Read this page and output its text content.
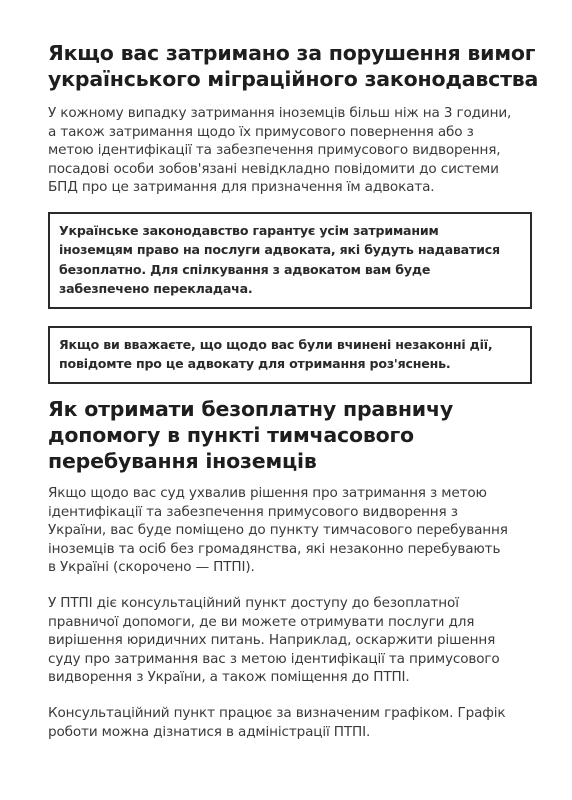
Якщо вас затримано за порушення вимог
українського міграційного законодавства

У кожному випадку затримання іноземців більш ніж на 3 години,
а також затримання щодо їх примусового повернення або з
метою ідентифікації та забезпечення примусового видворення,
посадові особи зобов'язані невідкладно повідомити до системи
БПД про це затримання для призначення їм адвоката.

Українське законодавство гарантує усім затриманим
іноземцям право на послуги адвоката, які будуть надаватися
безоплатно. Для спілкування з адвокатом вам буде
забезпечено перекладача.

Якщо ви вважаєте, що щодо вас були вчинені незаконні дії,
повідомте про це адвокату для отримання роз'яснень.

Як отримати безоплатну правничу
допомогу в пункті тимчасового
перебування іноземців

Якщо щодо вас суд ухвалив рішення про затримання з метою
ідентифікації та забезпечення примусового видворення з
України, вас буде поміщено до пункту тимчасового перебування
іноземців та осіб без громадянства, які незаконно перебувають
в Україні (скорочено — ПТПІ).

У ПТПІ діє консультаційний пункт доступу до безоплатної
правничої допомоги, де ви можете отримувати послуги для
вирішення юридичних питань. Наприклад, оскаржити рішення
суду про затримання вас з метою ідентифікації та примусового
видворення з України, а також поміщення до ПТПІ.

Консультаційний пункт працює за визначеним графіком. Графік
роботи можна дізнатися в адміністрації ПТПІ.
